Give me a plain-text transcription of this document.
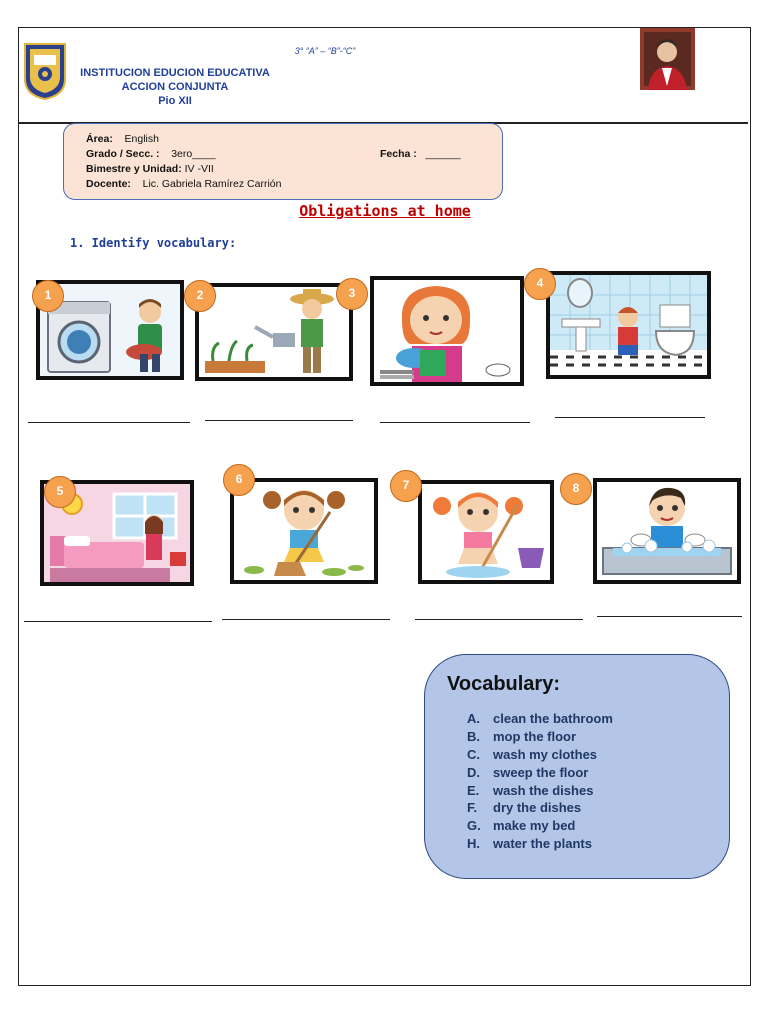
INSTITUCION EDUCION EDUCATIVA
ACCION CONJUNTA
Pio XII
3° “A” – “B”-“C”
Área: English
Grado / Secc. : 3ero____	Fecha : ______
Bimestre y Unidad: IV -VII
Docente: Lic. Gabriela Ramírez Carrión
Obligations at home
1. Identify vocabulary:
1	2	3
4
5
6	7	8
Vocabulary:
A. clean the bathroom
B. mop the floor
C. wash my clothes
D. sweep the floor
E. wash the dishes
F. dry the dishes
G. make my bed
H. water the plants
